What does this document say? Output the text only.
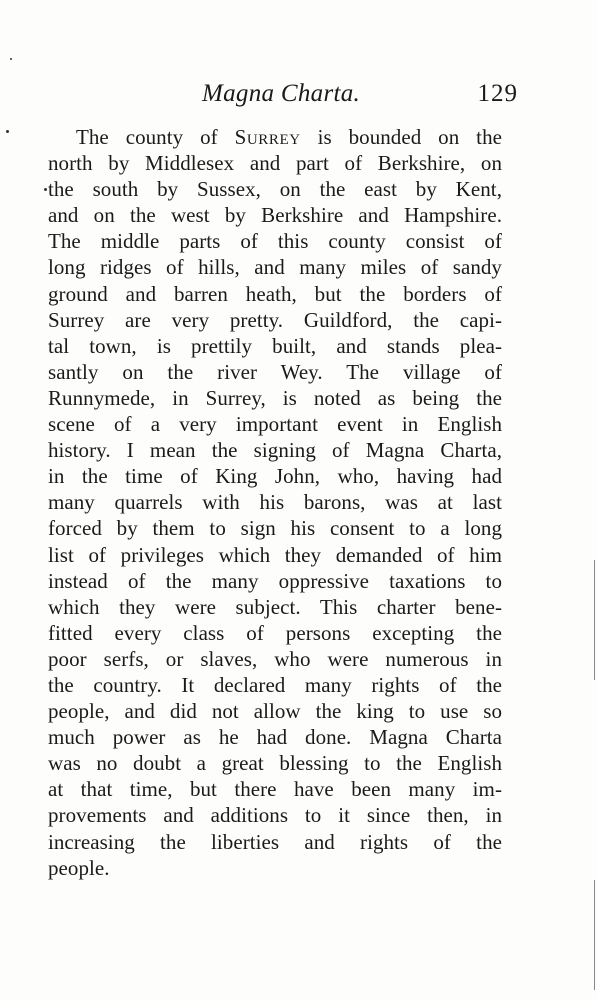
Magna Charta.	129
The county of Surrey is bounded on the
north by Middlesex and part of Berkshire, on
the south by Sussex, on the east by Kent,
and on the west by Berkshire and Hampshire.
The middle parts of this county consist of
long ridges of hills, and many miles of sandy
ground and barren heath, but the borders of
Surrey are very pretty. Guildford, the capi-
tal town, is prettily built, and stands plea-
santly on the river Wey. The village of
Runnymede, in Surrey, is noted as being the
scene of a very important event in English
history. I mean the signing of Magna Charta,
in the time of King John, who, having had
many quarrels with his barons, was at last
forced by them to sign his consent to a long
list of privileges which they demanded of him
instead of the many oppressive taxations to
which they were subject. This charter bene-
fitted every class of persons excepting the
poor serfs, or slaves, who were numerous in
the country. It declared many rights of the
people, and did not allow the king to use so
much power as he had done. Magna Charta
was no doubt a great blessing to the English
at that time, but there have been many im-
provements and additions to it since then, in
increasing the liberties and rights of the
people.
